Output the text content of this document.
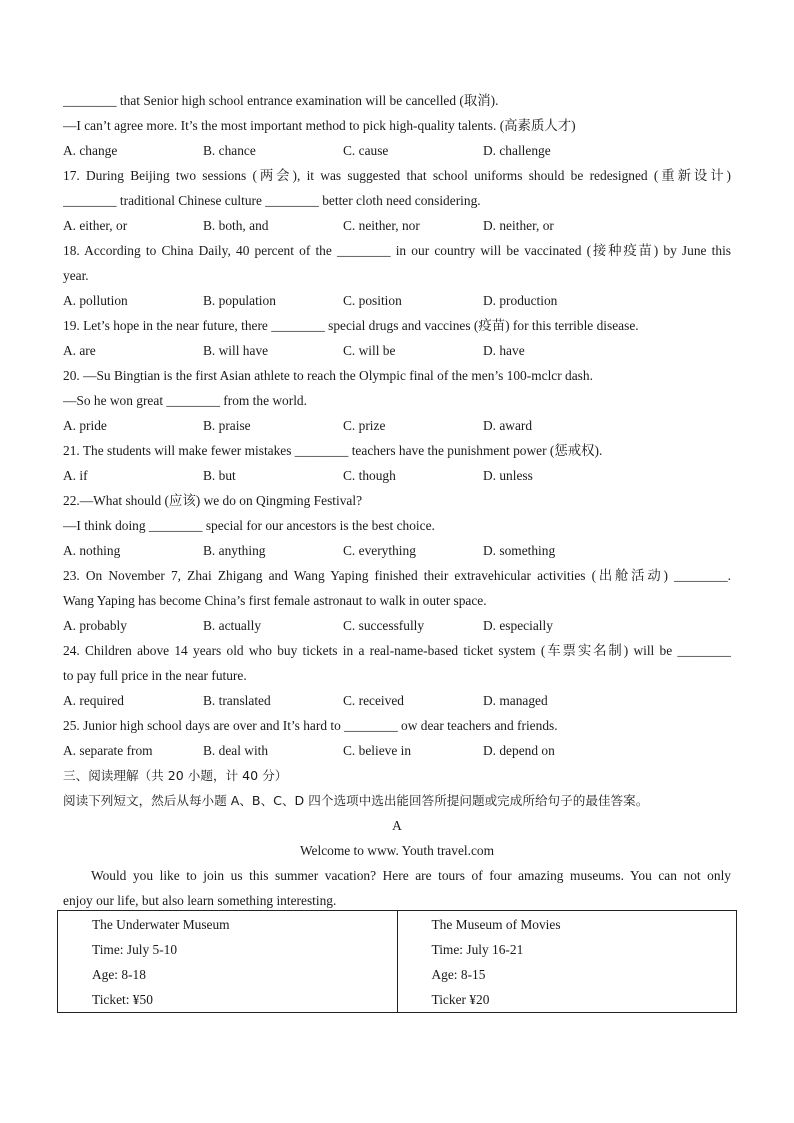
________ that Senior high school entrance examination will be cancelled (取消).
—I can’t agree more. It’s the most important method to pick high-quality talents. (高素质人才)
A. change	B. chance	C. cause	D. challenge
17. During Beijing two sessions (两会), it was suggested that school uniforms should be redesigned (重新设计)
________ traditional Chinese culture ________ better cloth need considering.
A. either, or	B. both, and	C. neither, nor	D. neither, or
18. According to China Daily, 40 percent of the ________ in our country will be vaccinated (接种疫苗) by June this
year.
A. pollution	B. population	C. position	D. production
19. Let’s hope in the near future, there ________ special drugs and vaccines (疫苗) for this terrible disease.
A. are	B. will have	C. will be	D. have
20. —Su Bingtian is the first Asian athlete to reach the Olympic final of the men’s 100-mclcr dash.
—So he won great ________ from the world.
A. pride	B. praise	C. prize	D. award
21. The students will make fewer mistakes ________ teachers have the punishment power (惩戒权).
A. if	B. but	C. though	D. unless
22.—What should (应该) we do on Qingming Festival?
—I think doing ________ special for our ancestors is the best choice.
A. nothing	B. anything	C. everything	D. something
23. On November 7, Zhai Zhigang and Wang Yaping finished their extravehicular activities (出舱活动) ________.
Wang Yaping has become China’s first female astronaut to walk in outer space.
A. probably	B. actually	C. successfully	D. especially
24. Children above 14 years old who buy tickets in a real-name-based ticket system (车票实名制) will be ________
to pay full price in the near future.
A. required	B. translated	C. received	D. managed
25. Junior high school days are over and It’s hard to ________ ow dear teachers and friends.
A. separate from	B. deal with	C. believe in	D. depend on
三、阅读理解（共 20 小题，计 40 分）
阅读下列短文，然后从每小题 A、B、C、D 四个选项中选出能回答所提问题或完成所给句子的最佳答案。
A
Welcome to www. Youth travel.com
Would you like to join us this summer vacation? Here are tours of four amazing museums. You can not only
enjoy our life, but also learn something interesting.
The Underwater Museum
Time: July 5-10
Age: 8-18
Ticket: ¥50

The Museum of Movies
Time: July 16-21
Age: 8-15
Ticker ¥20
